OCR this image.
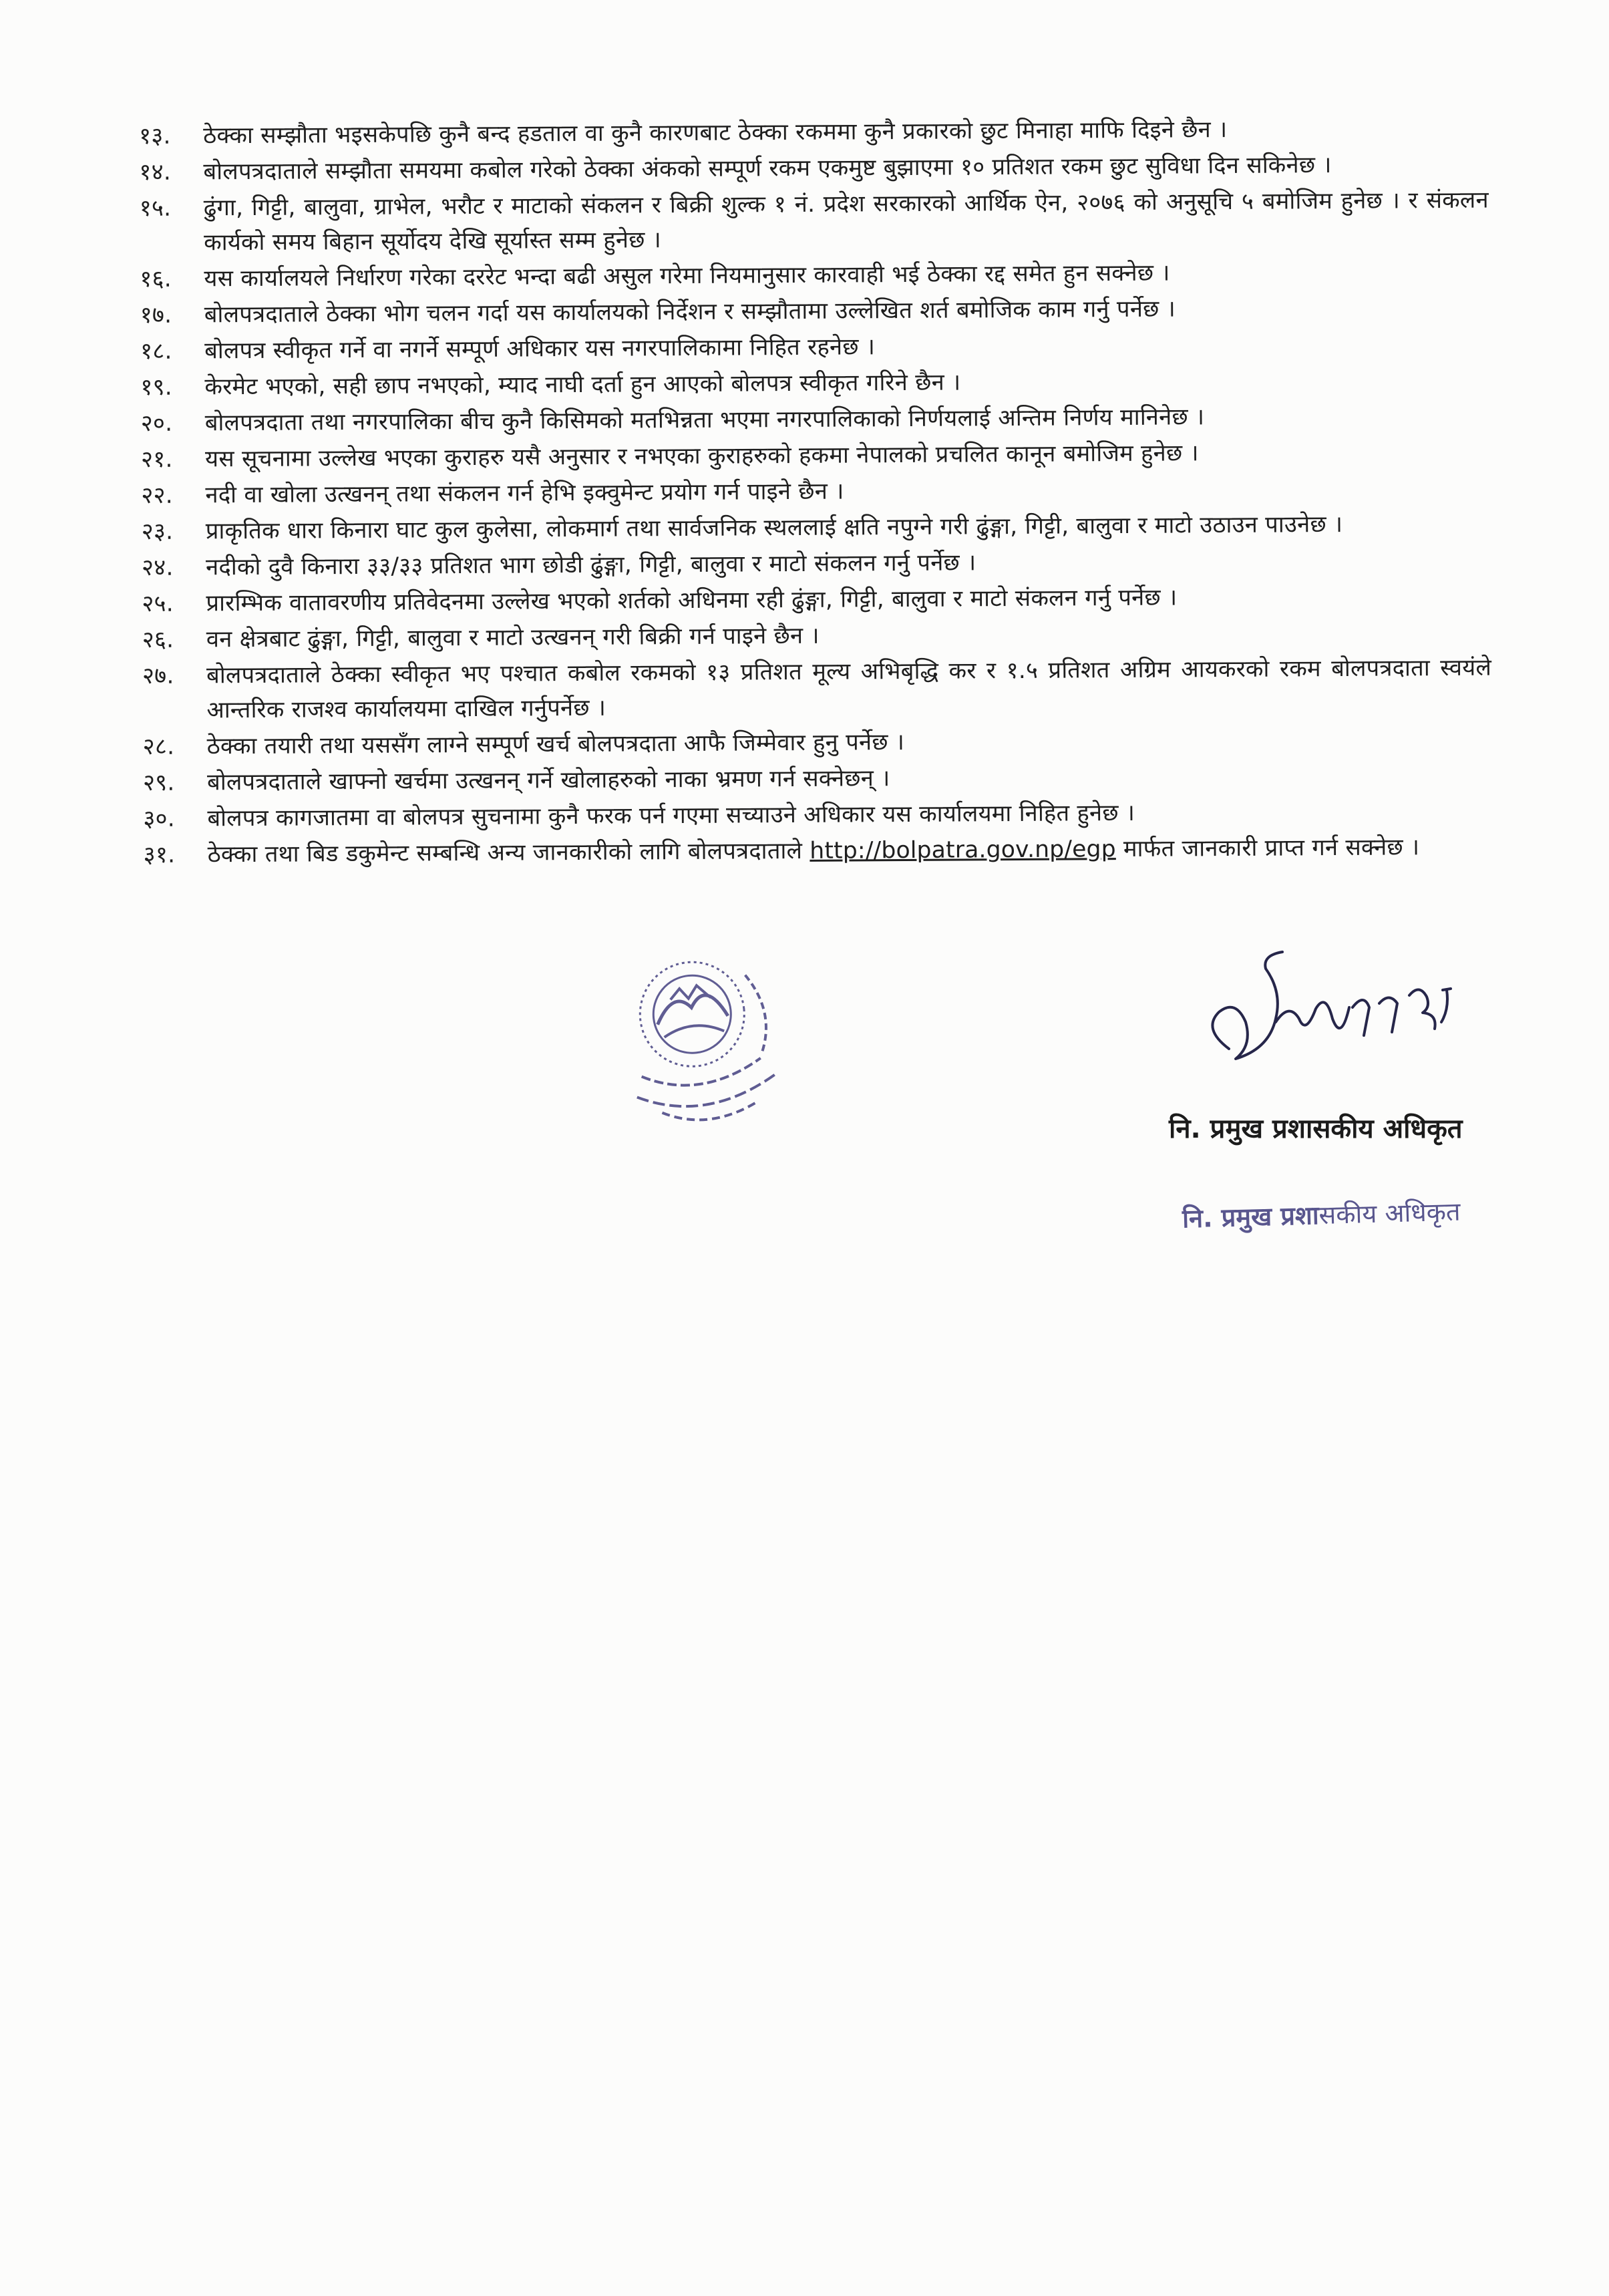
१३.	ठेक्का सम्झौता भइसकेपछि कुनै बन्द हडताल वा कुनै कारणबाट ठेक्का रकममा कुनै प्रकारको छुट मिनाहा माफि दिइने छैन ।
१४.	बोलपत्रदाताले सम्झौता समयमा कबोल गरेको ठेक्का अंकको सम्पूर्ण रकम एकमुष्ट बुझाएमा १० प्रतिशत रकम छुट सुविधा दिन सकिनेछ ।
१५.	ढुंगा, गिट्टी, बालुवा, ग्राभेल, भरौट र माटाको संकलन र बिक्री शुल्क १ नं. प्रदेश सरकारको आर्थिक ऐन, २०७६ को अनुसूचि ५ बमोजिम हुनेछ । र संकलन कार्यको समय बिहान सूर्योदय देखि सूर्यास्त सम्म हुनेछ ।
१६.	यस कार्यालयले निर्धारण गरेका दररेट भन्दा बढी असुल गरेमा नियमानुसार कारवाही भई ठेक्का रद्द समेत हुन सक्नेछ ।
१७.	बोलपत्रदाताले ठेक्का भोग चलन गर्दा यस कार्यालयको निर्देशन र सम्झौतामा उल्लेखित शर्त बमोजिक काम गर्नु पर्नेछ ।
१८.	बोलपत्र स्वीकृत गर्ने वा नगर्ने सम्पूर्ण अधिकार यस नगरपालिकामा निहित रहनेछ ।
१९.	केरमेट भएको, सही छाप नभएको, म्याद नाघी दर्ता हुन आएको बोलपत्र स्वीकृत गरिने छैन ।
२०.	बोलपत्रदाता तथा नगरपालिका बीच कुनै किसिमको मतभिन्नता भएमा नगरपालिकाको निर्णयलाई अन्तिम निर्णय मानिनेछ ।
२१.	यस सूचनामा उल्लेख भएका कुराहरु यसै अनुसार र नभएका कुराहरुको हकमा नेपालको प्रचलित कानून बमोजिम हुनेछ ।
२२.	नदी वा खोला उत्खनन् तथा संकलन गर्न हेभि इक्वुमेन्ट प्रयोग गर्न पाइने छैन ।
२३.	प्राकृतिक धारा किनारा घाट कुल कुलेसा, लोकमार्ग तथा सार्वजनिक स्थललाई क्षति नपुग्ने गरी ढुंङ्गा, गिट्टी, बालुवा र माटो उठाउन पाउनेछ ।
२४.	नदीको दुवै किनारा ३३/३३ प्रतिशत भाग छोडी ढुंङ्गा, गिट्टी, बालुवा र माटो संकलन गर्नु पर्नेछ ।
२५.	प्रारम्भिक वातावरणीय प्रतिवेदनमा उल्लेख भएको शर्तको अधिनमा रही ढुंङ्गा, गिट्टी, बालुवा र माटो संकलन गर्नु पर्नेछ ।
२६.	वन क्षेत्रबाट ढुंङ्गा, गिट्टी, बालुवा र माटो उत्खनन् गरी बिक्री गर्न पाइने छैन ।
२७.	बोलपत्रदाताले ठेक्का स्वीकृत भए पश्चात कबोल रकमको १३ प्रतिशत मूल्य अभिबृद्धि कर र १.५ प्रतिशत अग्रिम आयकरको रकम बोलपत्रदाता स्वयंले आन्तरिक राजश्व कार्यालयमा दाखिल गर्नुपर्नेछ ।
२८.	ठेक्का तयारी तथा यससँग लाग्ने सम्पूर्ण खर्च बोलपत्रदाता आफै जिम्मेवार हुनु पर्नेछ ।
२९.	बोलपत्रदाताले खाफ्नो खर्चमा उत्खनन् गर्ने खोलाहरुको नाका भ्रमण गर्न सक्नेछन् ।
३०.	बोलपत्र कागजातमा वा बोलपत्र सुचनामा कुनै फरक पर्न गएमा सच्याउने अधिकार यस कार्यालयमा निहित हुनेछ ।
३१.	ठेक्का तथा बिड डकुमेन्ट सम्बन्धि अन्य जानकारीको लागि बोलपत्रदाताले http://bolpatra.gov.np/egp मार्फत जानकारी प्राप्त गर्न सक्नेछ ।
नि. प्रमुख प्रशासकीय अधिकृत
नि. प्रमुख प्रशासकीय अधिकृत
